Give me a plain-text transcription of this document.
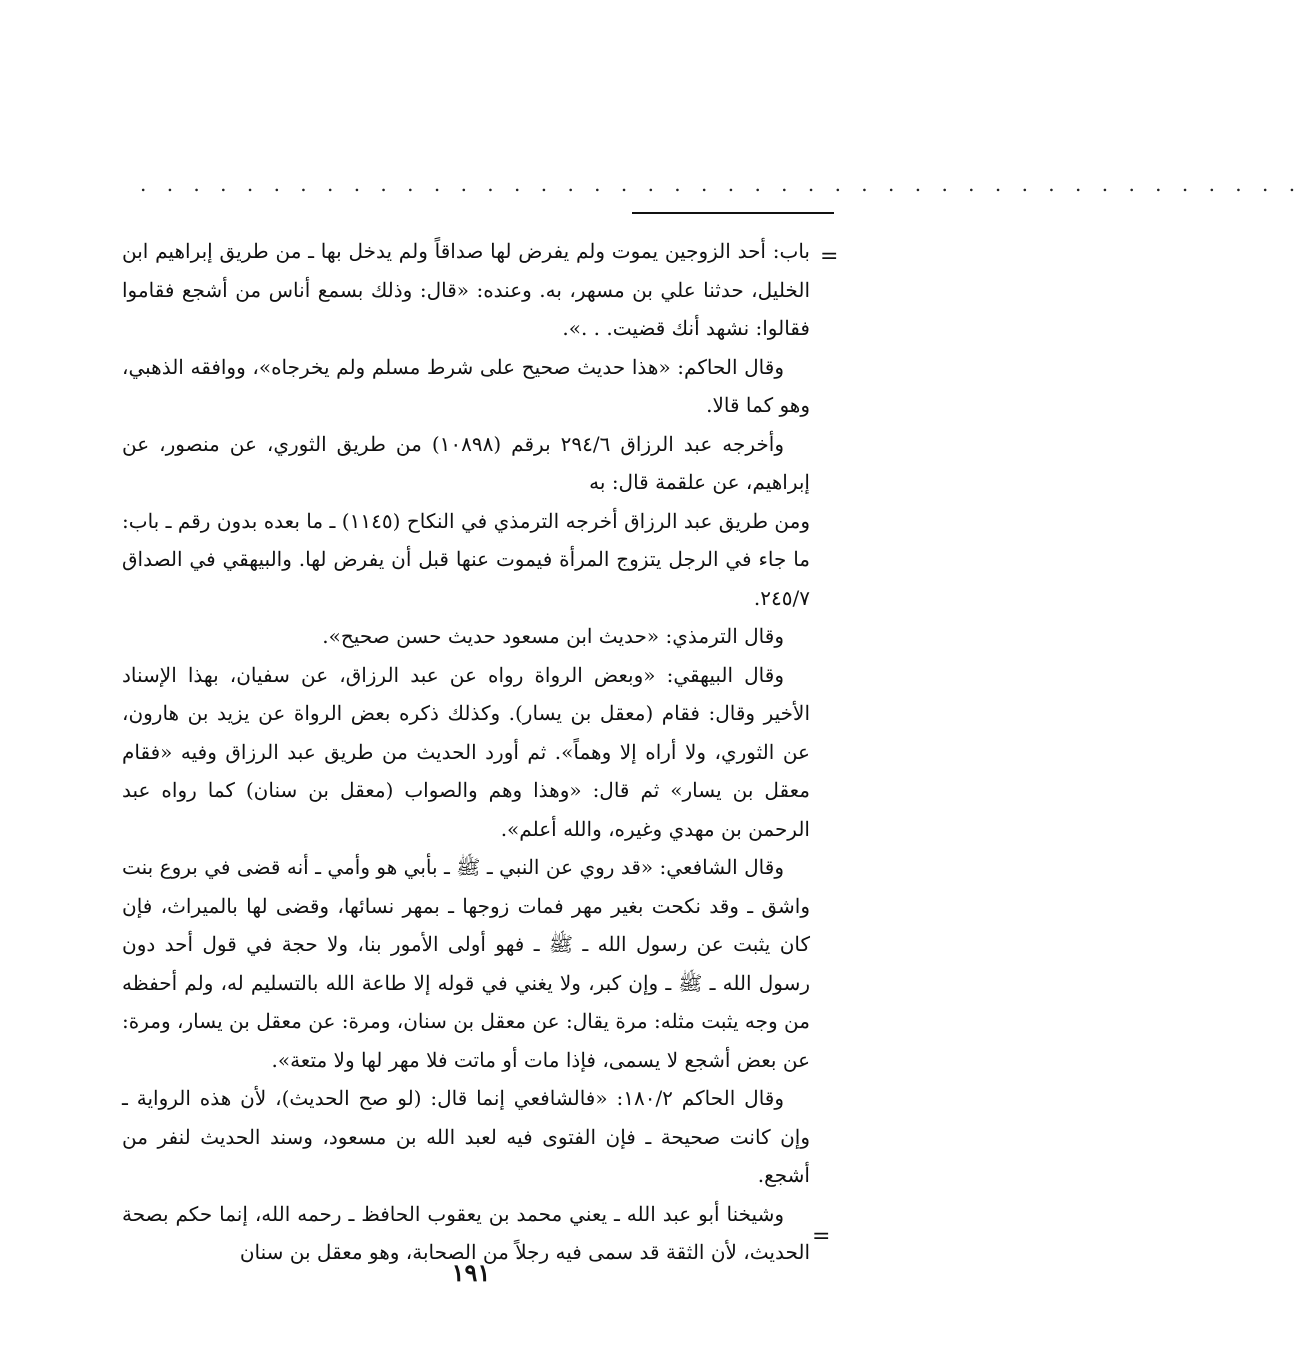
. . . . . . . . . . . . . . . . . . . . . . . . . . . . . . . . . . . . . . . . . . . .
=

باب: أحد الزوجين يموت ولم يفرض لها صداقاً ولم يدخل بها ـ من طريق إبراهيم ابن الخليل، حدثنا علي بن مسهر، به. وعنده: «قال: وذلك بسمع أناس من أشجع فقاموا فقالوا: نشهد أنك قضيت. . .».

وقال الحاكم: «هذا حديث صحيح على شرط مسلم ولم يخرجاه»، ووافقه الذهبي، وهو كما قالا.

وأخرجه عبد الرزاق ٢٩٤/٦ برقم (١٠٨٩٨) من طريق الثوري، عن منصور، عن إبراهيم، عن علقمة قال: به

ومن طريق عبد الرزاق أخرجه الترمذي في النكاح (١١٤٥) ـ ما بعده بدون رقم ـ باب: ما جاء في الرجل يتزوج المرأة فيموت عنها قبل أن يفرض لها. والبيهقي في الصداق ٢٤٥/٧.

وقال الترمذي: «حديث ابن مسعود حديث حسن صحيح».

وقال البيهقي: «وبعض الرواة رواه عن عبد الرزاق، عن سفيان، بهذا الإسناد الأخير وقال: فقام (معقل بن يسار). وكذلك ذكره بعض الرواة عن يزيد بن هارون، عن الثوري، ولا أراه إلا وهماً». ثم أورد الحديث من طريق عبد الرزاق وفيه «فقام معقل بن يسار» ثم قال: «وهذا وهم والصواب (معقل بن سنان) كما رواه عبد الرحمن بن مهدي وغيره، والله أعلم».

وقال الشافعي: «قد روي عن النبي ـ ﷺ ـ بأبي هو وأمي ـ أنه قضى في بروع بنت واشق ـ وقد نكحت بغير مهر فمات زوجها ـ بمهر نسائها، وقضى لها بالميراث، فإن كان يثبت عن رسول الله ـ ﷺ ـ فهو أولى الأمور بنا، ولا حجة في قول أحد دون رسول الله ـ ﷺ ـ وإن كبر، ولا يغني في قوله إلا طاعة الله بالتسليم له، ولم أحفظه من وجه يثبت مثله: مرة يقال: عن معقل بن سنان، ومرة: عن معقل بن يسار، ومرة: عن بعض أشجع لا يسمى، فإذا مات أو ماتت فلا مهر لها ولا متعة».

وقال الحاكم ١٨٠/٢: «فالشافعي إنما قال: (لو صح الحديث)، لأن هذه الرواية ـ وإن كانت صحيحة ـ فإن الفتوى فيه لعبد الله بن مسعود، وسند الحديث لنفر من أشجع.

وشيخنا أبو عبد الله ـ يعني محمد بن يعقوب الحافظ ـ رحمه الله، إنما حكم بصحة الحديث، لأن الثقة قد سمى فيه رجلاً من الصحابة، وهو معقل بن سنان

=
١٩١
